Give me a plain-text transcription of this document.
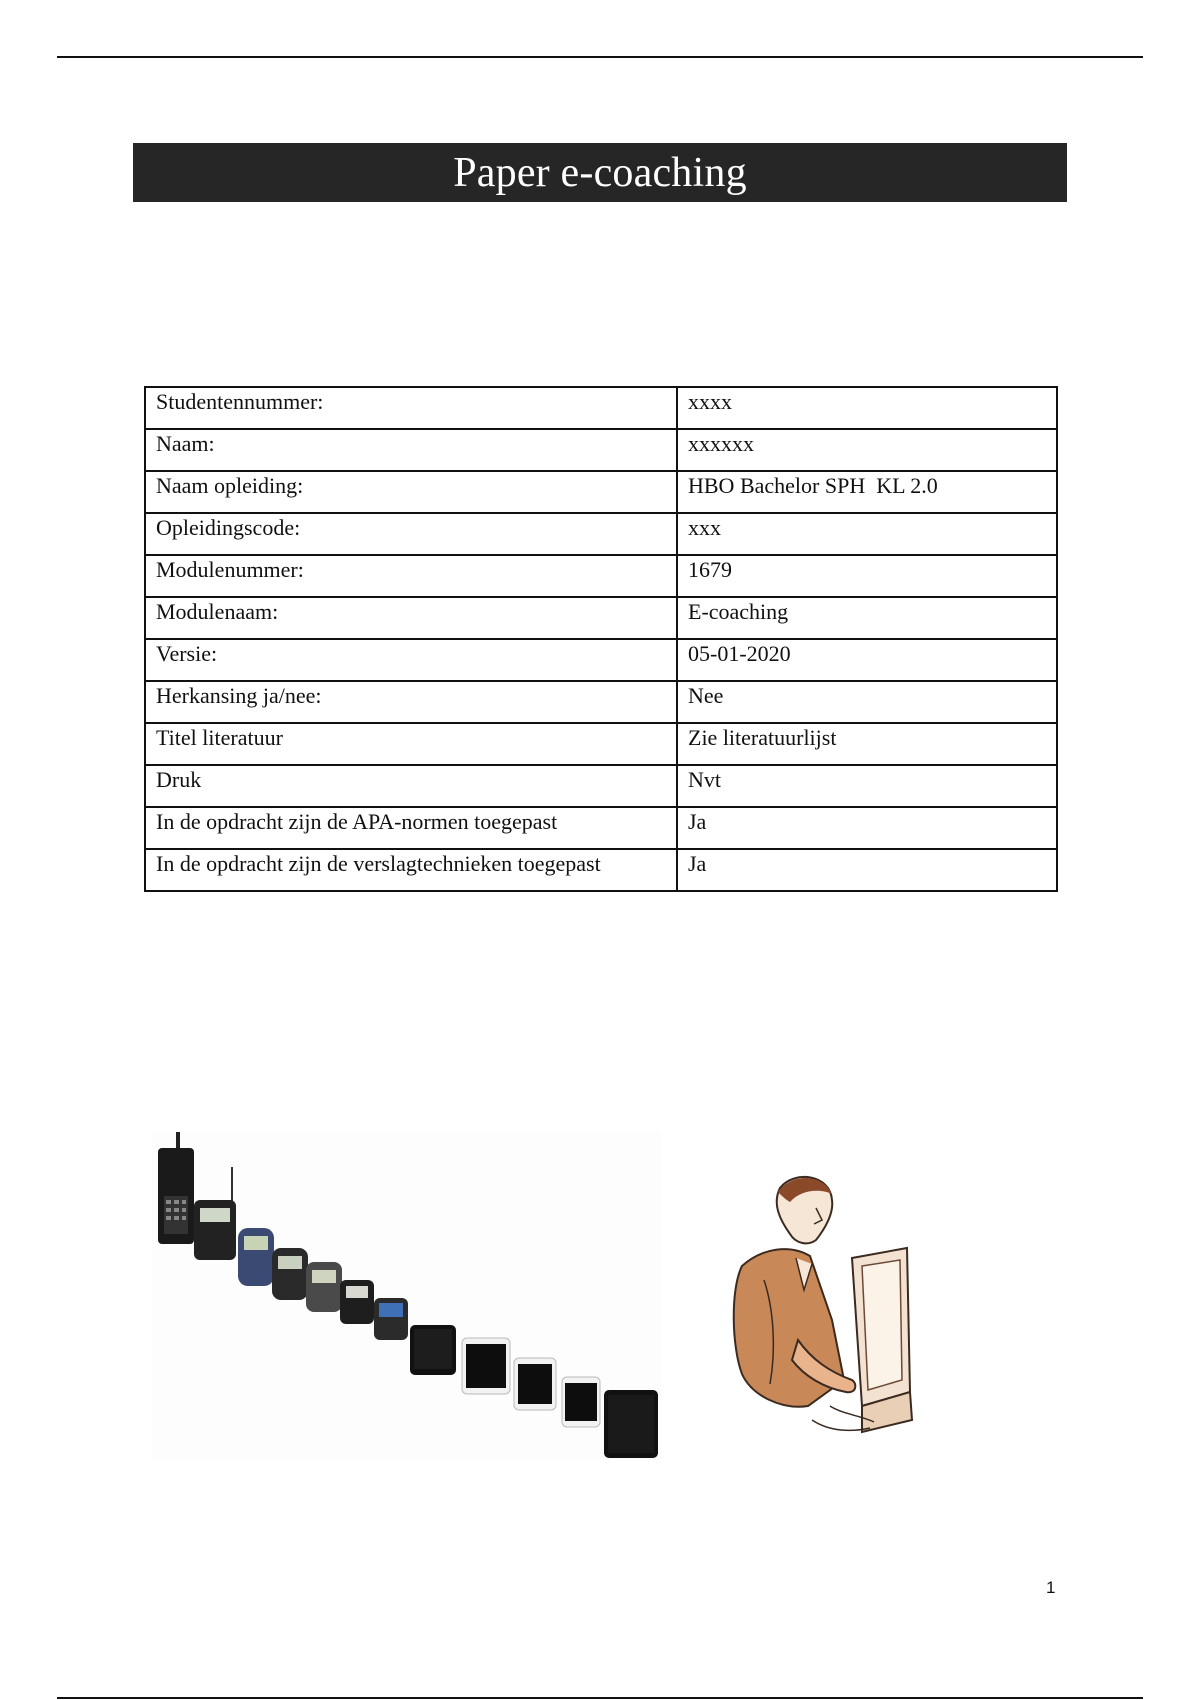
Paper e-coaching
Studentennummer:	xxxx
Naam:	xxxxxx
Naam opleiding:	HBO Bachelor SPH  KL 2.0
Opleidingscode:	xxx
Modulenummer:	1679
Modulenaam:	E-coaching
Versie:	05-01-2020
Herkansing ja/nee:	Nee
Titel literatuur	Zie literatuurlijst
Druk	Nvt
In de opdracht zijn de APA-normen toegepast	Ja
In de opdracht zijn de verslagtechnieken toegepast	Ja
1
